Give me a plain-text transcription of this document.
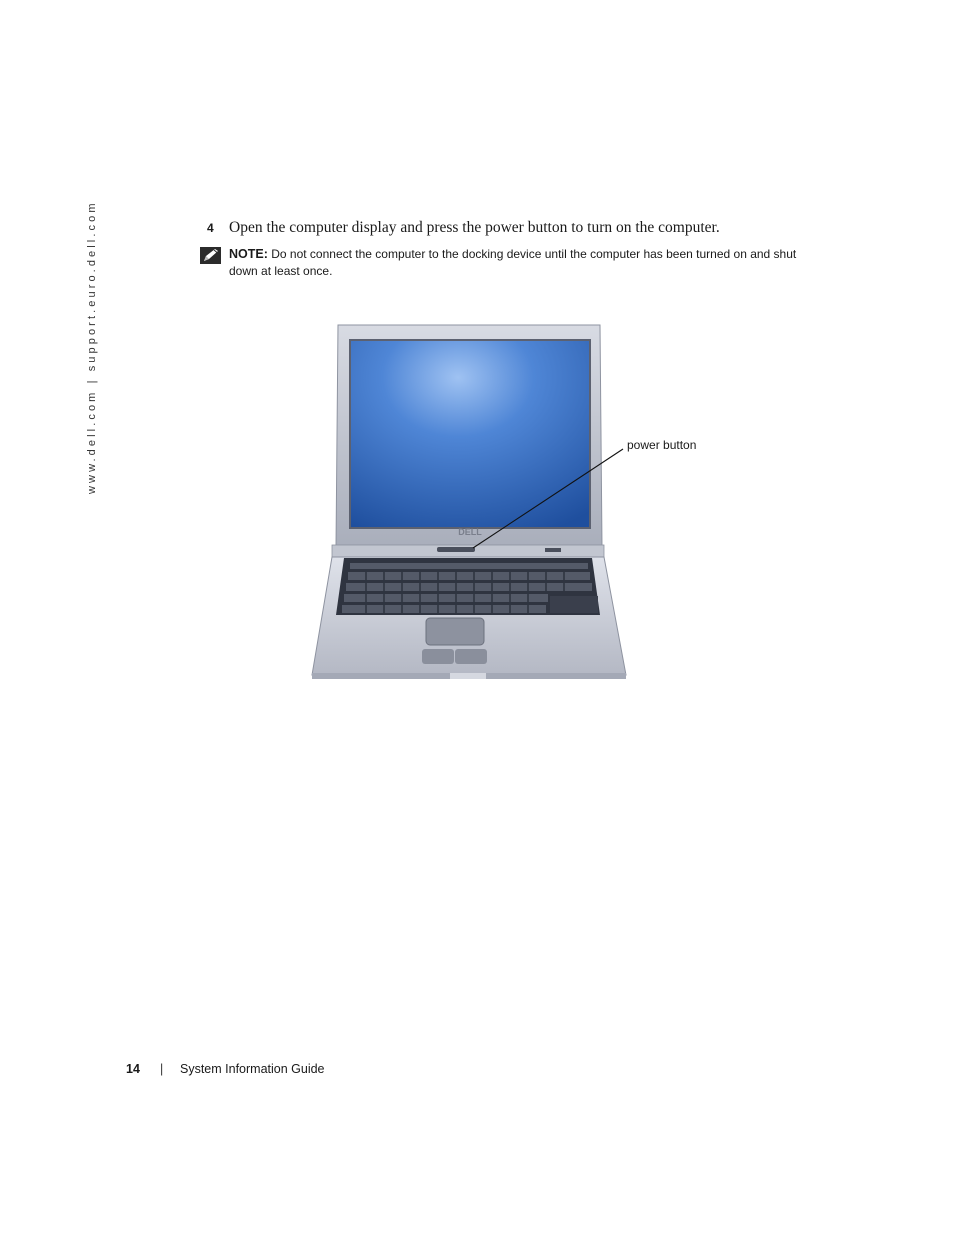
www.dell.com | support.euro.dell.com	4 Open the computer display and press the power button to turn on the computer.
NOTE: Do not connect the computer to the docking device until the computer has been turned on and shut down at least once.
DELL
power button
14	|	System Information Guide
